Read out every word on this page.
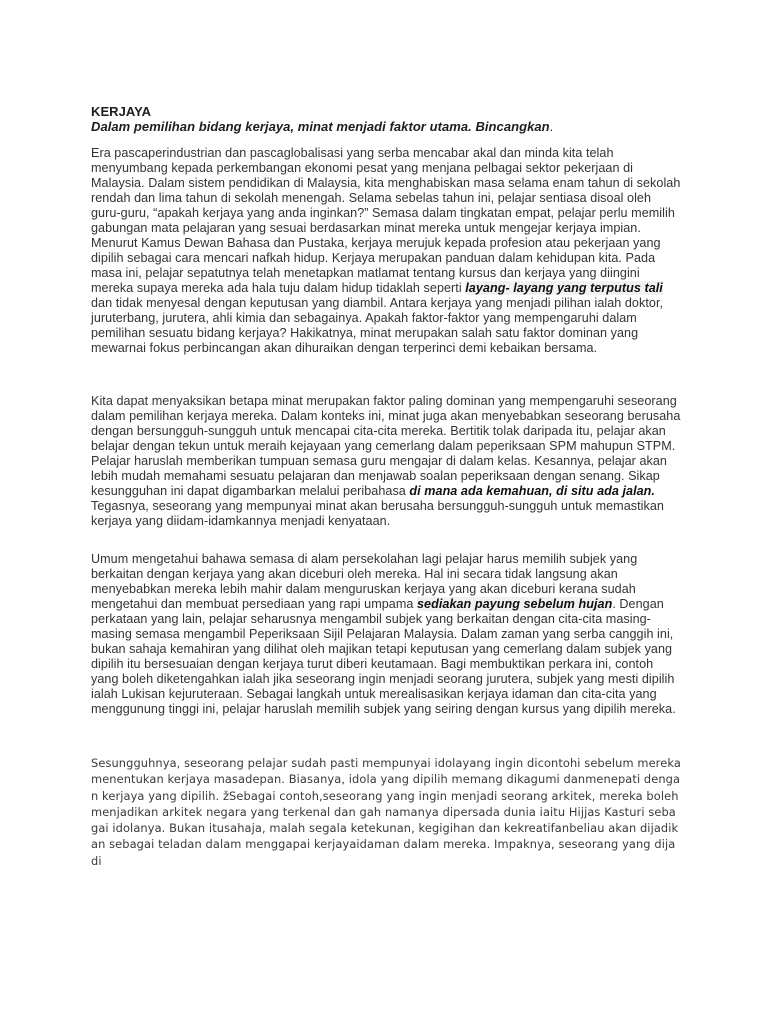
KERJAYA
Dalam pemilihan bidang kerjaya, minat menjadi faktor utama. Bincangkan.

Era pascaperindustrian dan pascaglobalisasi yang serba mencabar akal dan minda kita telah menyumbang kepada perkembangan ekonomi pesat yang menjana pelbagai sektor pekerjaan di Malaysia. Dalam sistem pendidikan di Malaysia, kita menghabiskan masa selama enam tahun di sekolah rendah dan lima tahun di sekolah menengah. Selama sebelas tahun ini, pelajar sentiasa disoal oleh guru-guru, “apakah kerjaya yang anda inginkan?” Semasa dalam tingkatan empat, pelajar perlu memilih gabungan mata pelajaran yang sesuai berdasarkan minat mereka untuk mengejar kerjaya impian. Menurut Kamus Dewan Bahasa dan Pustaka, kerjaya merujuk kepada profesion atau pekerjaan yang dipilih sebagai cara mencari nafkah hidup. Kerjaya merupakan panduan dalam kehidupan kita. Pada masa ini, pelajar sepatutnya telah menetapkan matlamat tentang kursus dan kerjaya yang diingini mereka supaya mereka ada hala tuju dalam hidup tidaklah seperti layang- layang yang terputus tali dan tidak menyesal dengan keputusan yang diambil. Antara kerjaya yang menjadi pilihan ialah doktor, juruterbang, jurutera, ahli kimia dan sebagainya. Apakah faktor-faktor yang mempengaruhi dalam pemilihan sesuatu bidang kerjaya? Hakikatnya, minat merupakan salah satu faktor dominan yang mewarnai fokus perbincangan akan dihuraikan dengan terperinci demi kebaikan bersama.

Kita dapat menyaksikan betapa minat merupakan faktor paling dominan yang mempengaruhi seseorang dalam pemilihan kerjaya mereka. Dalam konteks ini, minat juga akan menyebabkan seseorang berusaha dengan bersungguh-sungguh untuk mencapai cita-cita mereka. Bertitik tolak daripada itu, pelajar akan belajar dengan tekun untuk meraih kejayaan yang cemerlang dalam peperiksaan SPM mahupun STPM. Pelajar haruslah memberikan tumpuan semasa guru mengajar di dalam kelas. Kesannya, pelajar akan lebih mudah memahami sesuatu pelajaran dan menjawab soalan peperiksaan dengan senang. Sikap kesungguhan ini dapat digambarkan melalui peribahasa di mana ada kemahuan, di situ ada jalan. Tegasnya, seseorang yang mempunyai minat akan berusaha bersungguh-sungguh untuk memastikan kerjaya yang diidam-idamkannya menjadi kenyataan.

Umum mengetahui bahawa semasa di alam persekolahan lagi pelajar harus memilih subjek yang berkaitan dengan kerjaya yang akan diceburi oleh mereka. Hal ini secara tidak langsung akan menyebabkan mereka lebih mahir dalam menguruskan kerjaya yang akan diceburi kerana sudah mengetahui dan membuat persediaan yang rapi umpama sediakan payung sebelum hujan. Dengan perkataan yang lain, pelajar seharusnya mengambil subjek yang berkaitan dengan cita-cita masing-masing semasa mengambil Peperiksaan Sijil Pelajaran Malaysia. Dalam zaman yang serba canggih ini, bukan sahaja kemahiran yang dilihat oleh majikan tetapi keputusan yang cemerlang dalam subjek yang dipilih itu bersesuaian dengan kerjaya turut diberi keutamaan. Bagi membuktikan perkara ini, contoh yang boleh diketengahkan ialah jika seseorang ingin menjadi seorang jurutera, subjek yang mesti dipilih ialah Lukisan kejuruteraan. Sebagai langkah untuk merealisasikan kerjaya idaman dan cita-cita yang menggunung tinggi ini, pelajar haruslah memilih subjek yang seiring dengan kursus yang dipilih mereka.

Sesungguhnya, seseorang pelajar sudah pasti mempunyai idolayang ingin dicontohi sebelum mereka menentukan kerjaya masadepan. Biasanya, idola yang dipilih memang dikagumi danmenepati dengan kerjaya yang dipilih. žSebagai contoh,seseorang yang ingin menjadi seorang arkitek, mereka bolehmenjadikan arkitek negara yang terkenal dan gah namanya dipersada dunia iaitu Hijjas Kasturi sebagai idolanya. Bukan itusahaja, malah segala ketekunan, kegigihan dan kekreatifanbeliau akan dijadikan sebagai teladan dalam menggapai kerjayaidaman dalam mereka. Impaknya, seseorang yang dijadi
